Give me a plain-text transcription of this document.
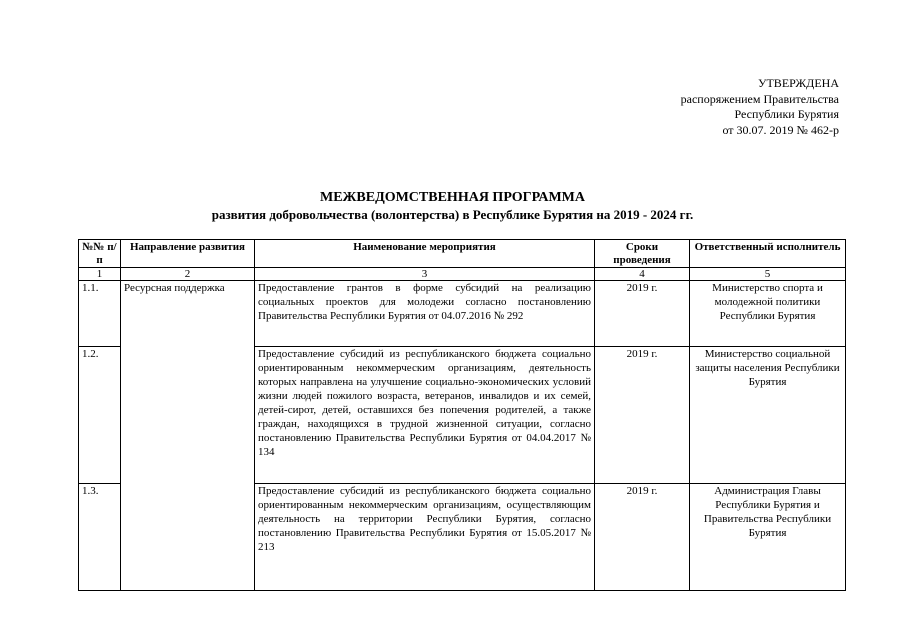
УТВЕРЖДЕНА
распоряжением Правительства
Республики Бурятия
от 30.07. 2019 № 462-р
МЕЖВЕДОМСТВЕННАЯ ПРОГРАММА
развития добровольчества (волонтерства) в Республике Бурятия на 2019 - 2024 гг.
№№ п/п	Направление развития	Наименование мероприятия	Сроки проведения	Ответственный исполнитель
1	2	3	4	5
1.1.	Ресурсная поддержка	Предоставление грантов в форме субсидий на реализацию социальных проектов для молодежи согласно постановлению Правительства Республики Бурятия от 04.07.2016 № 292	2019 г.	Министерство спорта и молодежной политики Республики Бурятия
1.2.		Предоставление субсидий из республиканского бюджета социально ориентированным некоммерческим организациям, деятельность которых направлена на улучшение социально-экономических условий жизни людей пожилого возраста, ветеранов, инвалидов и их семей, детей-сирот, детей, оставшихся без попечения родителей, а также граждан, находящихся в трудной жизненной ситуации, согласно постановлению Правительства Республики Бурятия от 04.04.2017 № 134	2019 г.	Министерство социальной защиты населения Республики Бурятия
1.3.		Предоставление субсидий из республиканского бюджета социально ориентированным некоммерческим организациям, осуществляющим деятельность на территории Республики Бурятия, согласно постановлению Правительства Республики Бурятия от 15.05.2017 № 213	2019 г.	Администрация Главы Республики Бурятия и Правительства Республики Бурятия
